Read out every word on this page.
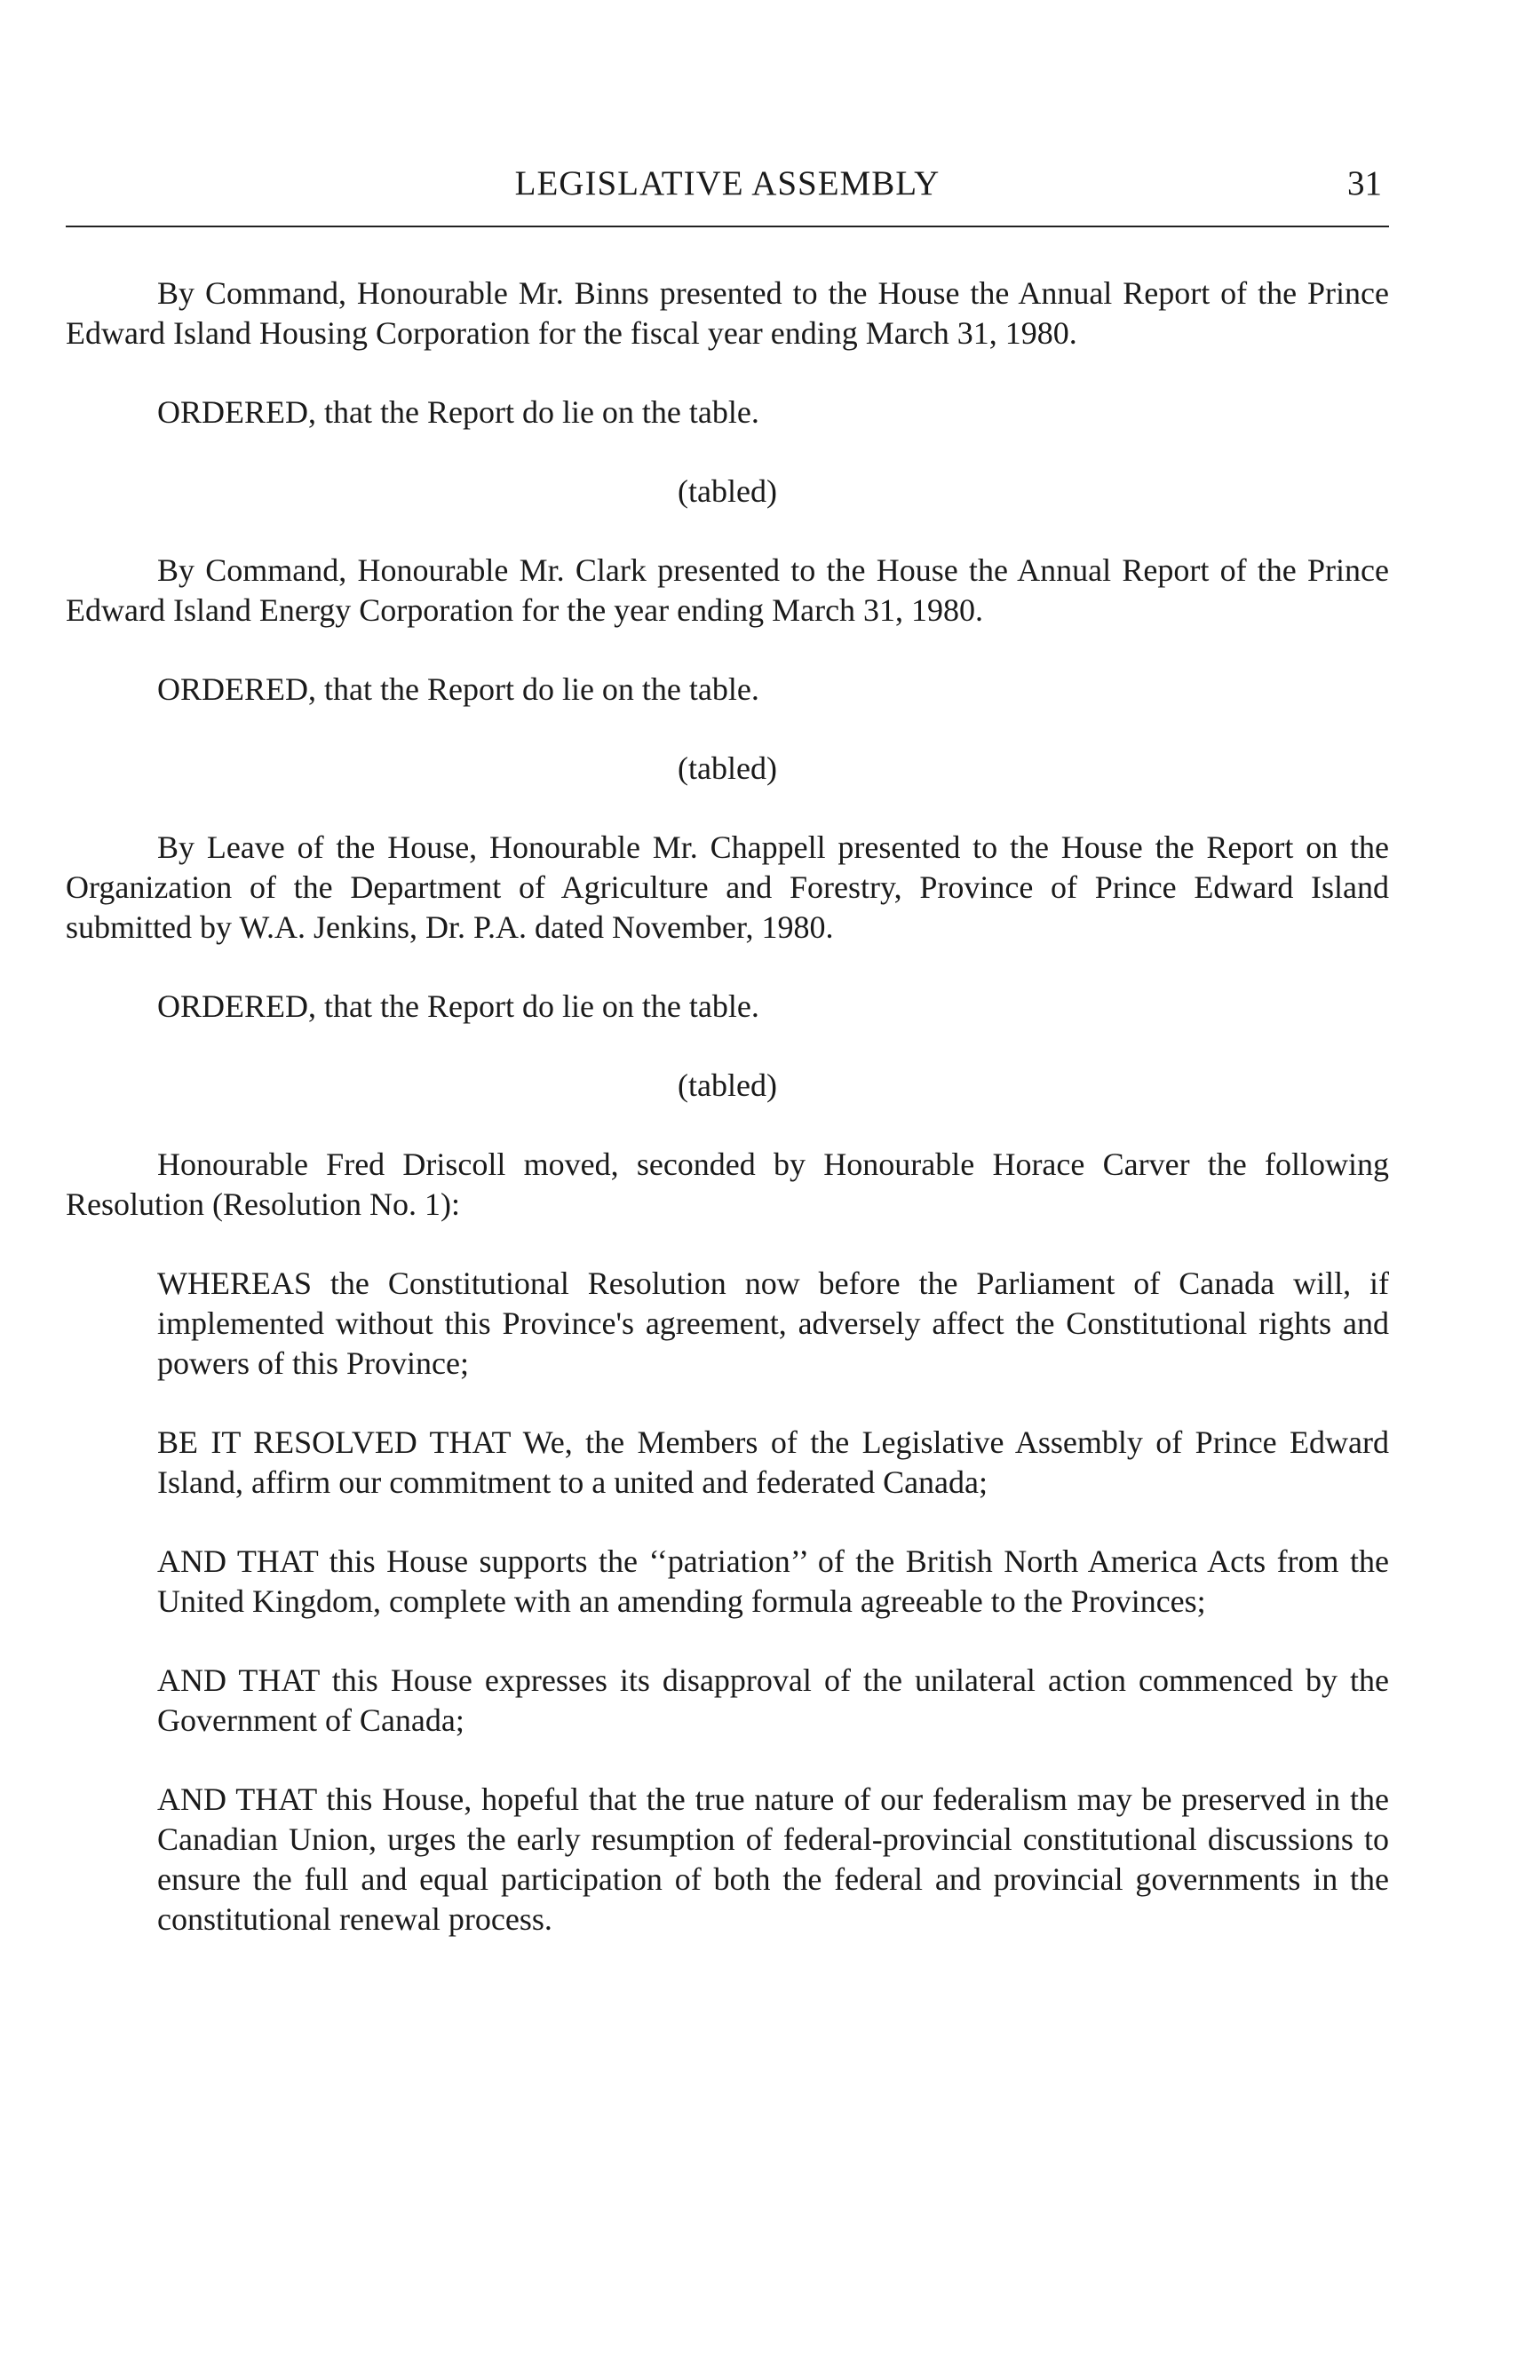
LEGISLATIVE ASSEMBLY	31

By Command, Honourable Mr. Binns presented to the House the Annual Report of the Prince Edward Island Housing Corporation for the fiscal year ending March 31, 1980.

ORDERED, that the Report do lie on the table.

(tabled)

By Command, Honourable Mr. Clark presented to the House the Annual Report of the Prince Edward Island Energy Corporation for the year ending March 31, 1980.

ORDERED, that the Report do lie on the table.

(tabled)

By Leave of the House, Honourable Mr. Chappell presented to the House the Report on the Organization of the Department of Agriculture and Forestry, Province of Prince Edward Island submitted by W.A. Jenkins, Dr. P.A. dated November, 1980.

ORDERED, that the Report do lie on the table.

(tabled)

Honourable Fred Driscoll moved, seconded by Honourable Horace Carver the following Resolution (Resolution No. 1):

WHEREAS the Constitutional Resolution now before the Parliament of Canada will, if implemented without this Province's agreement, adversely affect the Constitutional rights and powers of this Province;

BE IT RESOLVED THAT We, the Members of the Legislative Assembly of Prince Edward Island, affirm our commitment to a united and federated Canada;

AND THAT this House supports the ‘‘patriation’’ of the British North America Acts from the United Kingdom, complete with an amending formula agreeable to the Provinces;

AND THAT this House expresses its disapproval of the unilateral action commenced by the Government of Canada;

AND THAT this House, hopeful that the true nature of our federalism may be preserved in the Canadian Union, urges the early resumption of federal-provincial constitutional discussions to ensure the full and equal participation of both the federal and provincial governments in the constitutional renewal process.
